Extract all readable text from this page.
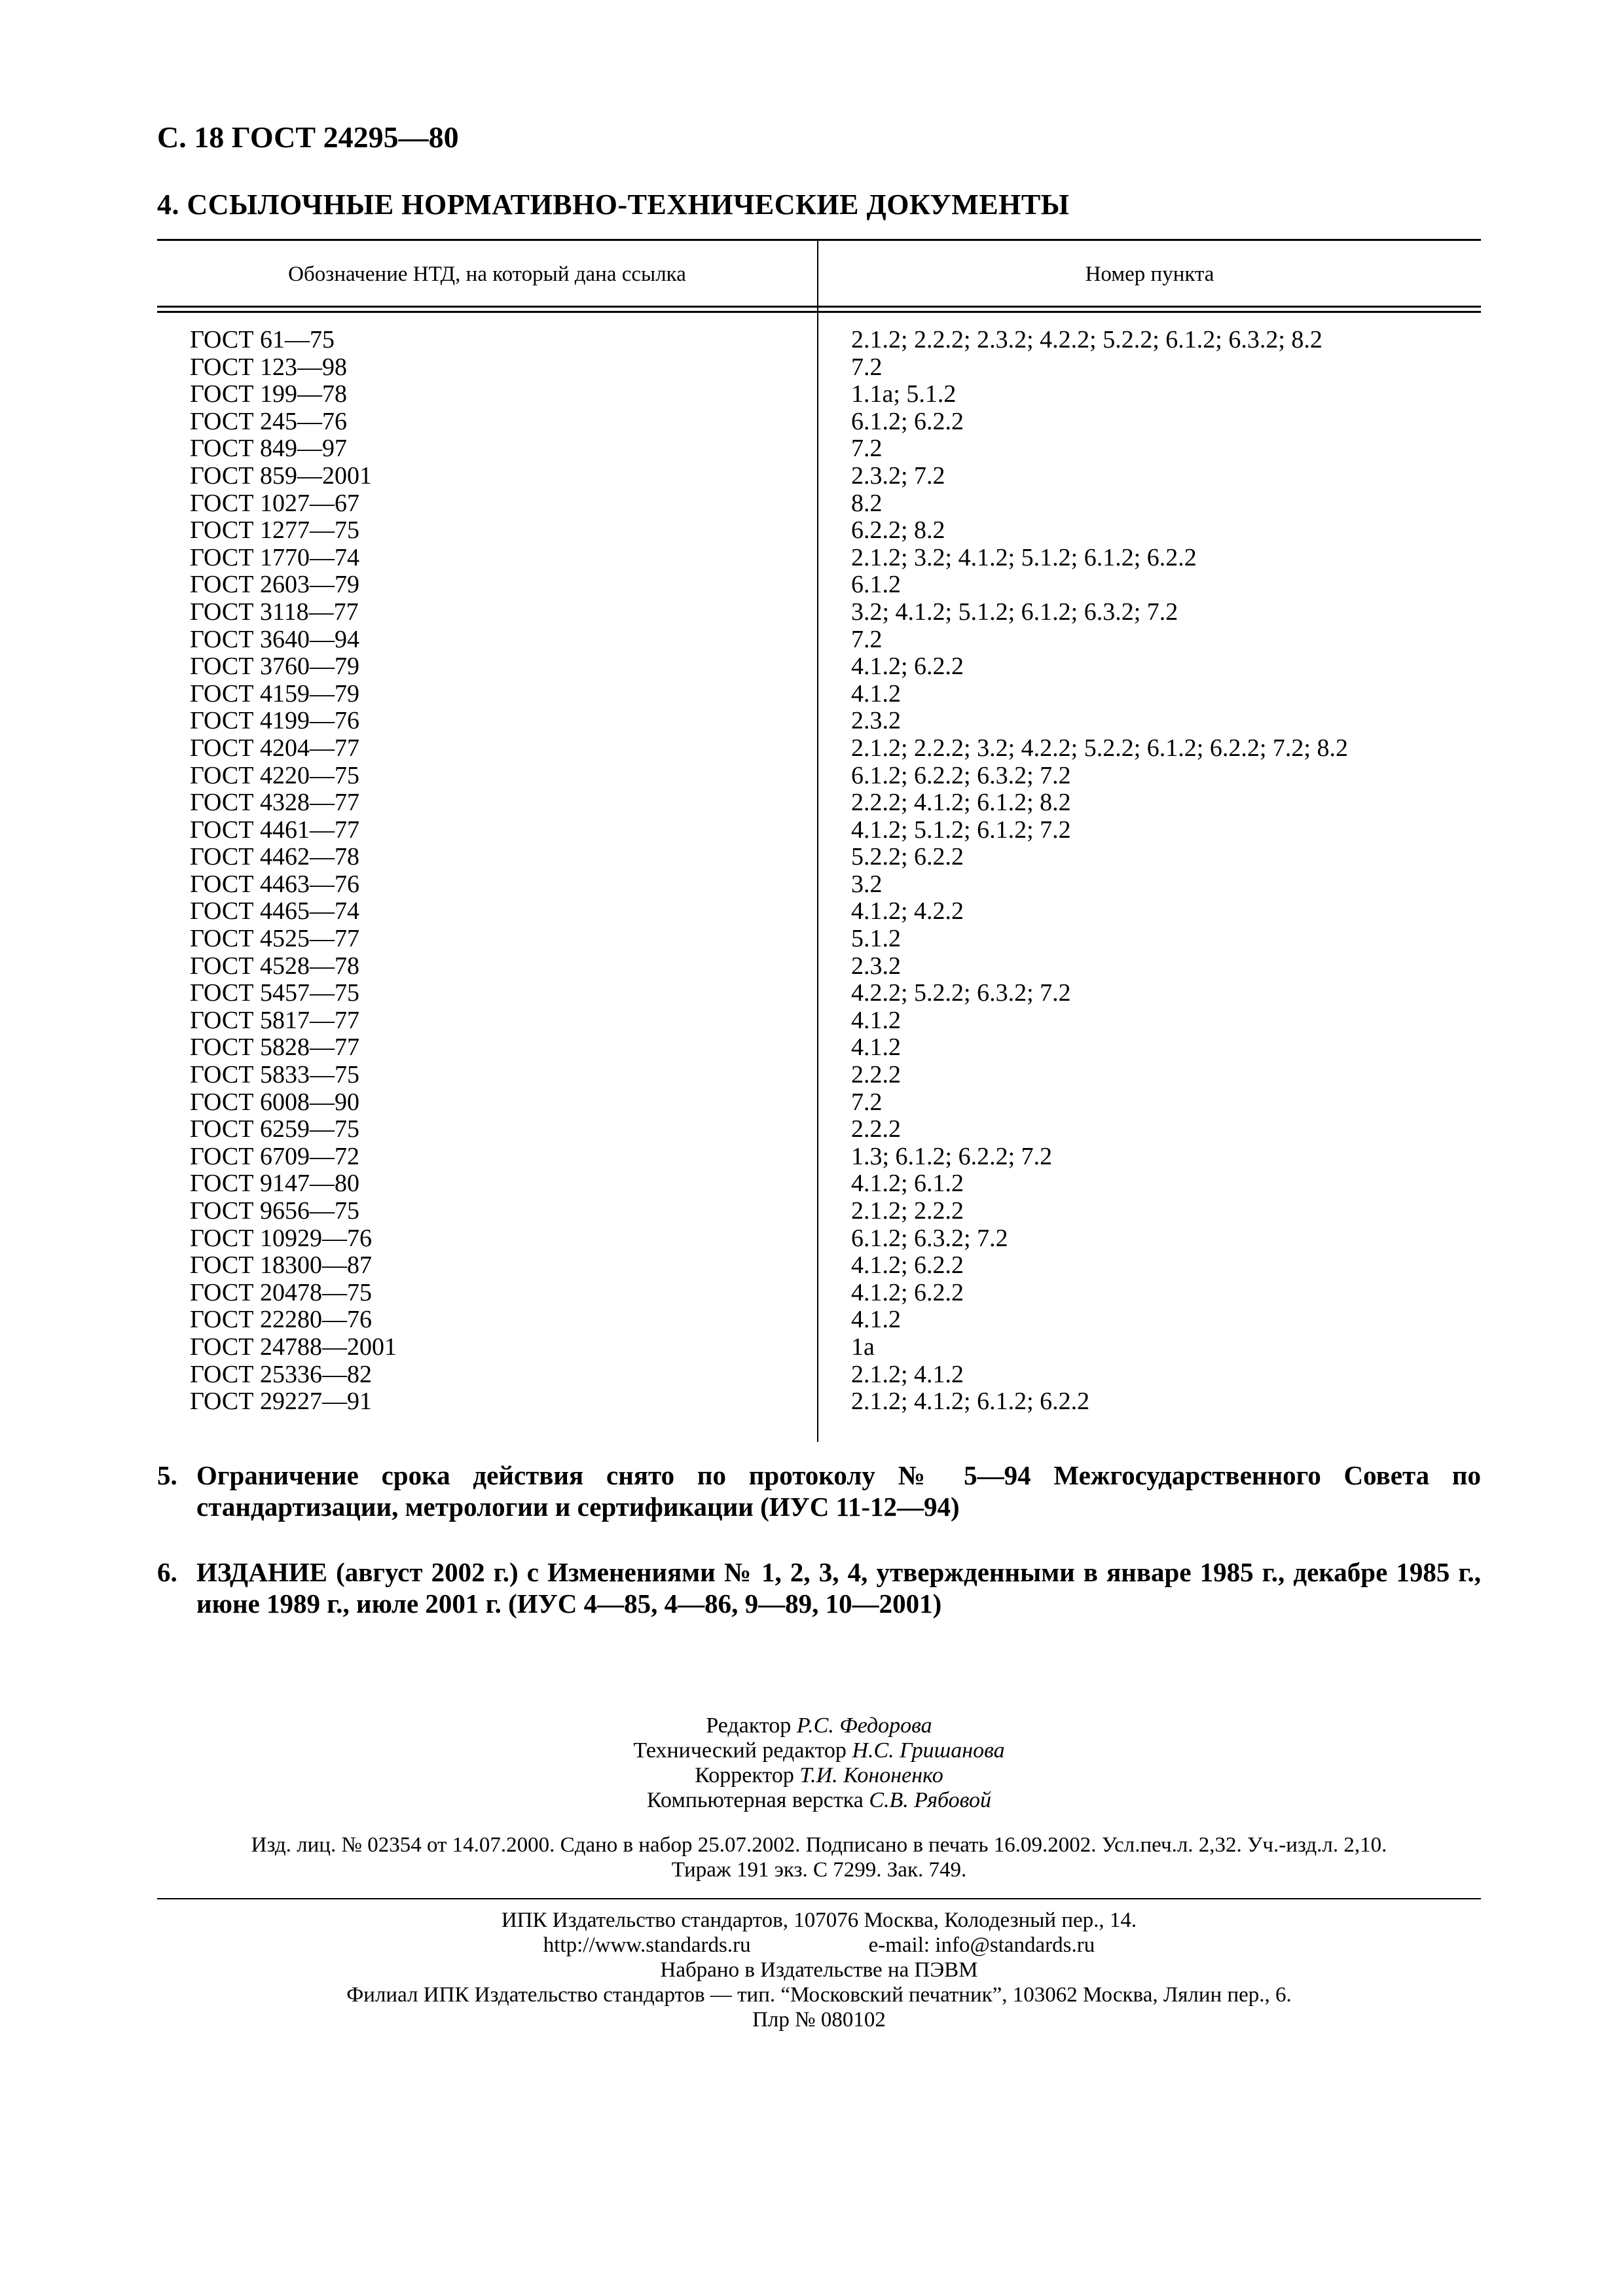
С. 18 ГОСТ 24295—80
4. ССЫЛОЧНЫЕ НОРМАТИВНО-ТЕХНИЧЕСКИЕ ДОКУМЕНТЫ
Обозначение НТД, на который дана ссылка	Номер пункта
ГОСТ 61—75	2.1.2; 2.2.2; 2.3.2; 4.2.2; 5.2.2; 6.1.2; 6.3.2; 8.2
ГОСТ 123—98	7.2
ГОСТ 199—78	1.1а; 5.1.2
ГОСТ 245—76	6.1.2; 6.2.2
ГОСТ 849—97	7.2
ГОСТ 859—2001	2.3.2; 7.2
ГОСТ 1027—67	8.2
ГОСТ 1277—75	6.2.2; 8.2
ГОСТ 1770—74	2.1.2; 3.2; 4.1.2; 5.1.2; 6.1.2; 6.2.2
ГОСТ 2603—79	6.1.2
ГОСТ 3118—77	3.2; 4.1.2; 5.1.2; 6.1.2; 6.3.2; 7.2
ГОСТ 3640—94	7.2
ГОСТ 3760—79	4.1.2; 6.2.2
ГОСТ 4159—79	4.1.2
ГОСТ 4199—76	2.3.2
ГОСТ 4204—77	2.1.2; 2.2.2; 3.2; 4.2.2; 5.2.2; 6.1.2; 6.2.2; 7.2; 8.2
ГОСТ 4220—75	6.1.2; 6.2.2; 6.3.2; 7.2
ГОСТ 4328—77	2.2.2; 4.1.2; 6.1.2; 8.2
ГОСТ 4461—77	4.1.2; 5.1.2; 6.1.2; 7.2
ГОСТ 4462—78	5.2.2; 6.2.2
ГОСТ 4463—76	3.2
ГОСТ 4465—74	4.1.2; 4.2.2
ГОСТ 4525—77	5.1.2
ГОСТ 4528—78	2.3.2
ГОСТ 5457—75	4.2.2; 5.2.2; 6.3.2; 7.2
ГОСТ 5817—77	4.1.2
ГОСТ 5828—77	4.1.2
ГОСТ 5833—75	2.2.2
ГОСТ 6008—90	7.2
ГОСТ 6259—75	2.2.2
ГОСТ 6709—72	1.3; 6.1.2; 6.2.2; 7.2
ГОСТ 9147—80	4.1.2; 6.1.2
ГОСТ 9656—75	2.1.2; 2.2.2
ГОСТ 10929—76	6.1.2; 6.3.2; 7.2
ГОСТ 18300—87	4.1.2; 6.2.2
ГОСТ 20478—75	4.1.2; 6.2.2
ГОСТ 22280—76	4.1.2
ГОСТ 24788—2001	1а
ГОСТ 25336—82	2.1.2; 4.1.2
ГОСТ 29227—91	2.1.2; 4.1.2; 6.1.2; 6.2.2
5. Ограничение срока действия снято по протоколу № 5—94 Межгосударственного Совета по стандартизации, метрологии и сертификации (ИУС 11-12—94)
6. ИЗДАНИЕ (август 2002 г.) с Изменениями № 1, 2, 3, 4, утвержденными в январе 1985 г., декабре 1985 г., июне 1989 г., июле 2001 г. (ИУС 4—85, 4—86, 9—89, 10—2001)
Редактор Р.С. Федорова
Технический редактор Н.С. Гришанова
Корректор Т.И. Кононенко
Компьютерная верстка С.В. Рябовой
Изд. лиц. № 02354 от 14.07.2000. Сдано в набор 25.07.2002. Подписано в печать 16.09.2002. Усл.печ.л. 2,32. Уч.-изд.л. 2,10.
Тираж 191 экз. С 7299. Зак. 749.
ИПК Издательство стандартов, 107076 Москва, Колодезный пер., 14.
http://www.standards.ru	e-mail: info@standards.ru
Набрано в Издательстве на ПЭВМ
Филиал ИПК Издательство стандартов — тип. “Московский печатник”, 103062 Москва, Лялин пер., 6.
Плр № 080102
